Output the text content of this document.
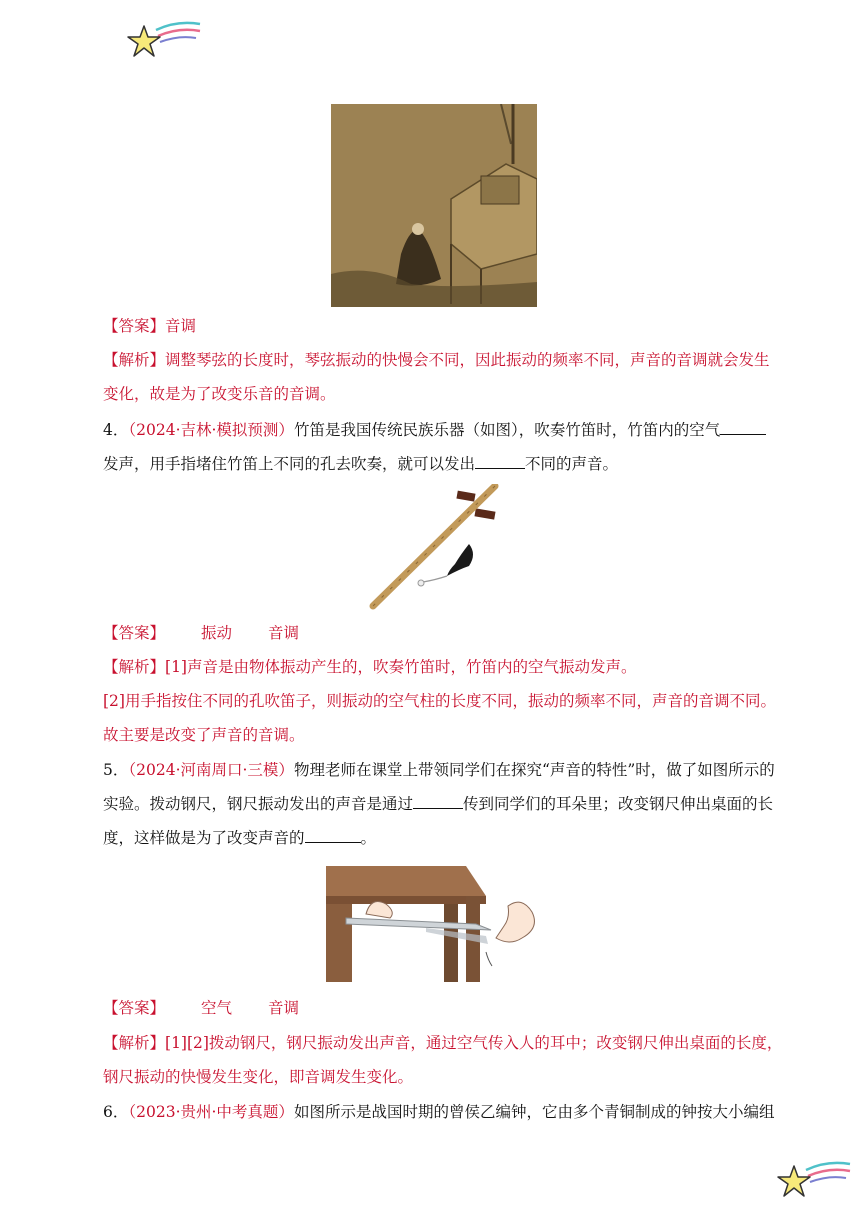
【答案】音调
【解析】调整琴弦的长度时，琴弦振动的快慢会不同，因此振动的频率不同，声音的音调就会发生
变化，故是为了改变乐音的音调。
4．（2024·吉林·模拟预测）竹笛是我国传统民族乐器（如图），吹奏竹笛时，竹笛内的空气
发声，用手指堵住竹笛上不同的孔去吹奏，就可以发出	不同的声音。
【答案】 振动 音调
【解析】[1]声音是由物体振动产生的，吹奏竹笛时，竹笛内的空气振动发声。
[2]用手指按住不同的孔吹笛子，则振动的空气柱的长度不同，振动的频率不同，声音的音调不同。
故主要是改变了声音的音调。
5．（2024·河南周口·三模）物理老师在课堂上带领同学们在探究“声音的特性”时，做了如图所示的
实验。拨动钢尺，钢尺振动发出的声音是通过	传到同学们的耳朵里；改变钢尺伸出桌面的长
度，这样做是为了改变声音的	。
【答案】 空气 音调
【解析】[1][2]拨动钢尺，钢尺振动发出声音，通过空气传入人的耳中；改变钢尺伸出桌面的长度，
钢尺振动的快慢发生变化，即音调发生变化。
6．（2023·贵州·中考真题）如图所示是战国时期的曾侯乙编钟，它由多个青铜制成的钟按大小编组
